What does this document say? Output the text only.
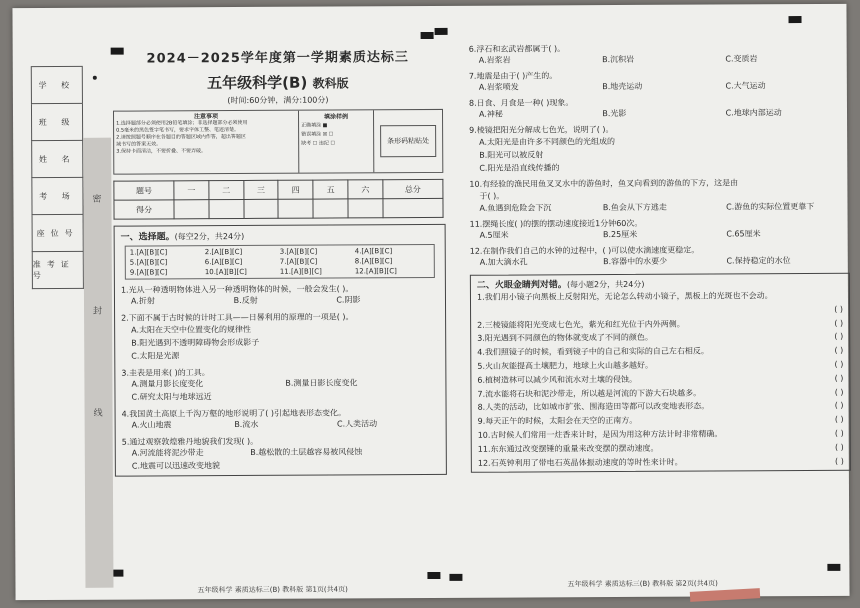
学 校
班 级
姓 名
考 场
座位号
准考证号
密
封
线
2024－2025学年度第一学期素质达标三
五年级科学(B) 教科版
(时间:60分钟，满分:100分)
注意事项
1.选择题部分必须使用2B铅笔填涂；非选择题部分必须使用
0.5毫米的黑色签字笔书写，要求字体工整、笔迹清楚。
2.请按照题号顺序在各题目的答题区域内作答，超出答题区
域书写的答案无效。
3.保持卡面清洁，不要折叠、不要弄破。
填涂样例
正确填涂 ■
错误填涂 ☒ ☐
缺考 ☐ 违纪 ☐	条形码粘贴处
题号	一	二	三	四	五	六	总分
得分							
一、选择题。(每空2分，共24分)
1.[A][B][C]	2.[A][B][C]	3.[A][B][C]	4.[A][B][C]
5.[A][B][C]	6.[A][B][C]	7.[A][B][C]	8.[A][B][C]
9.[A][B][C]	10.[A][B][C]	11.[A][B][C]	12.[A][B][C]
1.光从一种透明物体进入另一种透明物体的时候，一般会发生( )。
A.折射	B.反射	C.阴影
2.下面不属于古时候的计时工具——日晷利用的原理的一项是( )。
A.太阳在天空中位置变化的规律性
B.阳光遇到不透明障碍物会形成影子
C.太阳是光源
3.圭表是用来( )的工具。
A.测量月影长度变化	B.测量日影长度变化
C.研究太阳与地球远近
4.我国黄土高原上千沟万壑的地形说明了( )引起地表形态变化。
A.火山地震	B.流水	C.人类活动
5.通过观察敦煌雅丹地貌我们发现( )。
A.河流能将泥沙带走	B.越松散的土层越容易被风侵蚀
C.地震可以迅速改变地貌
五年级科学 素质达标三(B) 教科版 第1页(共4页)
6.浮石和玄武岩都属于( )。
A.岩浆岩	B.沉积岩	C.变质岩
7.地震是由于( )产生的。
A.岩浆喷发	B.地壳运动	C.大气运动
8.日食、月食是一种( )现象。
A.神秘	B.光影	C.地球内部运动
9.棱镜把阳光分解成七色光，说明了( )。
A.太阳光是由许多不同颜色的光组成的
B.阳光可以被反射
C.阳光是沿直线传播的
10.有经验的渔民用鱼叉叉水中的游鱼时，鱼叉向看到的游鱼的下方，这是由
于( )。
A.鱼遇到危险会下沉	B.鱼会从下方逃走	C.游鱼的实际位置更靠下
11.摆绳长度( )的摆的摆动速度接近1分钟60次。
A.5厘米	B.25厘米	C.65厘米
12.在制作我们自己的水钟的过程中，( )可以使水滴速度更稳定。
A.加大滴水孔	B.容器中的水要少	C.保持稳定的水位
二、火眼金睛判对错。(每小题2分，共24分)
1.我们用小镜子向黑板上反射阳光，无论怎么转动小镜子，黑板上的光斑也不会动。
( )
2.三棱镜能将阳光变成七色光，紫光和红光位于内外两侧。	( )
3.阳光遇到不同颜色的物体就变成了不同的颜色。	( )
4.我们照镜子的时候，看到镜子中的自己和实际的自己左右相反。	( )
5.火山灰能提高土壤肥力，地球上火山越多越好。	( )
6.植树造林可以减少风和流水对土壤的侵蚀。	( )
7.流水能将石块和泥沙带走，所以越是河流的下游大石块越多。	( )
8.人类的活动，比如城市扩张、围海造田等都可以改变地表形态。	( )
9.每天正午的时候，太阳会在天空的正南方。	( )
10.古时候人们常用一炷香来计时，是因为用这种方法计时非常精确。	( )
11.东东通过改变摆锤的重量来改变摆的摆动速度。	( )
12.石英钟利用了带电石英晶体振动速度的等时性来计时。	( )
五年级科学 素质达标三(B) 教科版 第2页(共4页)
